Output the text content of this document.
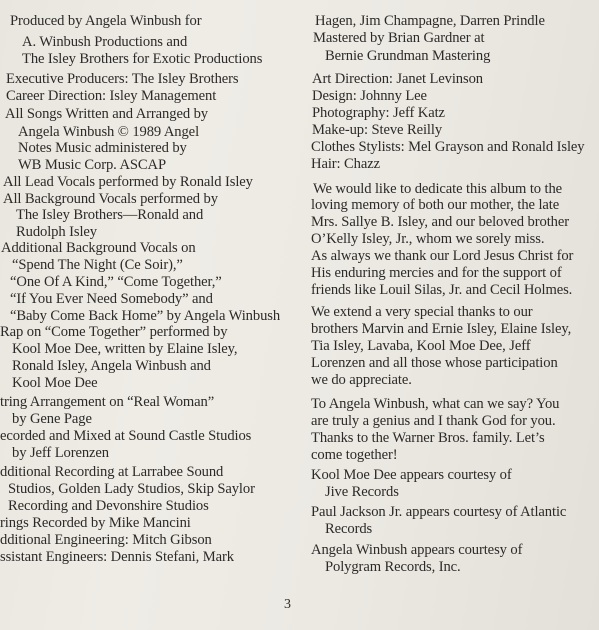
Produced by Angela Winbush for
A. Winbush Productions and
The Isley Brothers for Exotic Productions
Executive Producers: The Isley Brothers
Career Direction: Isley Management
All Songs Written and Arranged by
Angela Winbush © 1989 Angel
Notes Music administered by
WB Music Corp. ASCAP
All Lead Vocals performed by Ronald Isley
All Background Vocals performed by
The Isley Brothers—Ronald and
Rudolph Isley
Additional Background Vocals on
“Spend The Night (Ce Soir),”
“One Of A Kind,” “Come Together,”
“If You Ever Need Somebody” and
“Baby Come Back Home” by Angela Winbush
Rap on “Come Together” performed by
Kool Moe Dee, written by Elaine Isley,
Ronald Isley, Angela Winbush and
Kool Moe Dee
tring Arrangement on “Real Woman”
by Gene Page
ecorded and Mixed at Sound Castle Studios
by Jeff Lorenzen
dditional Recording at Larrabee Sound
Studios, Golden Lady Studios, Skip Saylor
Recording and Devonshire Studios
rings Recorded by Mike Mancini
dditional Engineering: Mitch Gibson
ssistant Engineers: Dennis Stefani, Mark
Hagen, Jim Champagne, Darren Prindle
Mastered by Brian Gardner at
Bernie Grundman Mastering
Art Direction: Janet Levinson
Design: Johnny Lee
Photography: Jeff Katz
Make-up: Steve Reilly
Clothes Stylists: Mel Grayson and Ronald Isley
Hair: Chazz
We would like to dedicate this album to the
loving memory of both our mother, the late
Mrs. Sallye B. Isley, and our beloved brother
O’Kelly Isley, Jr., whom we sorely miss.
As always we thank our Lord Jesus Christ for
His enduring mercies and for the support of
friends like Louil Silas, Jr. and Cecil Holmes.
We extend a very special thanks to our
brothers Marvin and Ernie Isley, Elaine Isley,
Tia Isley, Lavaba, Kool Moe Dee, Jeff
Lorenzen and all those whose participation
we do appreciate.
To Angela Winbush, what can we say? You
are truly a genius and I thank God for you.
Thanks to the Warner Bros. family. Let’s
come together!
Kool Moe Dee appears courtesy of
Jive Records
Paul Jackson Jr. appears courtesy of Atlantic
Records
Angela Winbush appears courtesy of
Polygram Records, Inc.
3
